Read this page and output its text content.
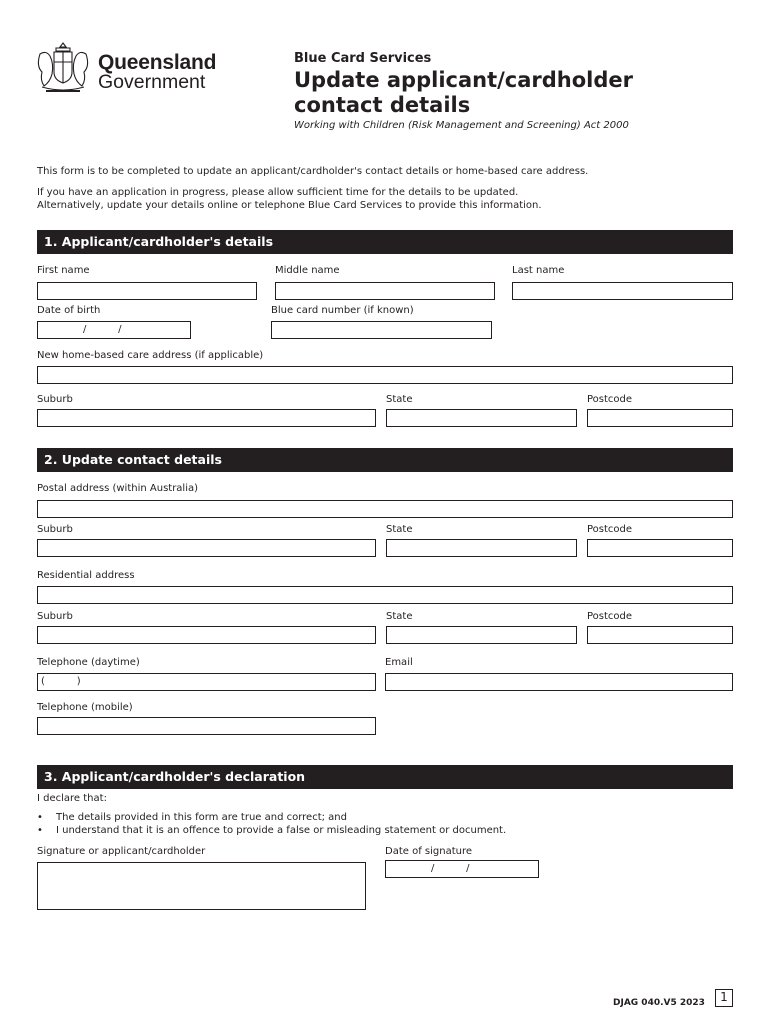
Queensland
Government
Blue Card Services
Update applicant/cardholder contact details
Working with Children (Risk Management and Screening) Act 2000
This form is to be completed to update an applicant/cardholder's contact details or home-based care address.
If you have an application in progress, please allow sufficient time for the details to be updated.
Alternatively, update your details online or telephone Blue Card Services to provide this information.
1. Applicant/cardholder's details
First name	Middle name	Last name
Date of birth	Blue card number (if known)
/          /
New home-based care address (if applicable)
Suburb	State	Postcode
2. Update contact details
Postal address (within Australia)
Suburb	State	Postcode
Residential address
Suburb	State	Postcode
Telephone (daytime)	Email
(          )
Telephone (mobile)
3. Applicant/cardholder's declaration
I declare that:
• The details provided in this form are true and correct; and
• I understand that it is an offence to provide a false or misleading statement or document.
Signature or applicant/cardholder	Date of signature
/          /
DJAG 040.V5 2023	1
